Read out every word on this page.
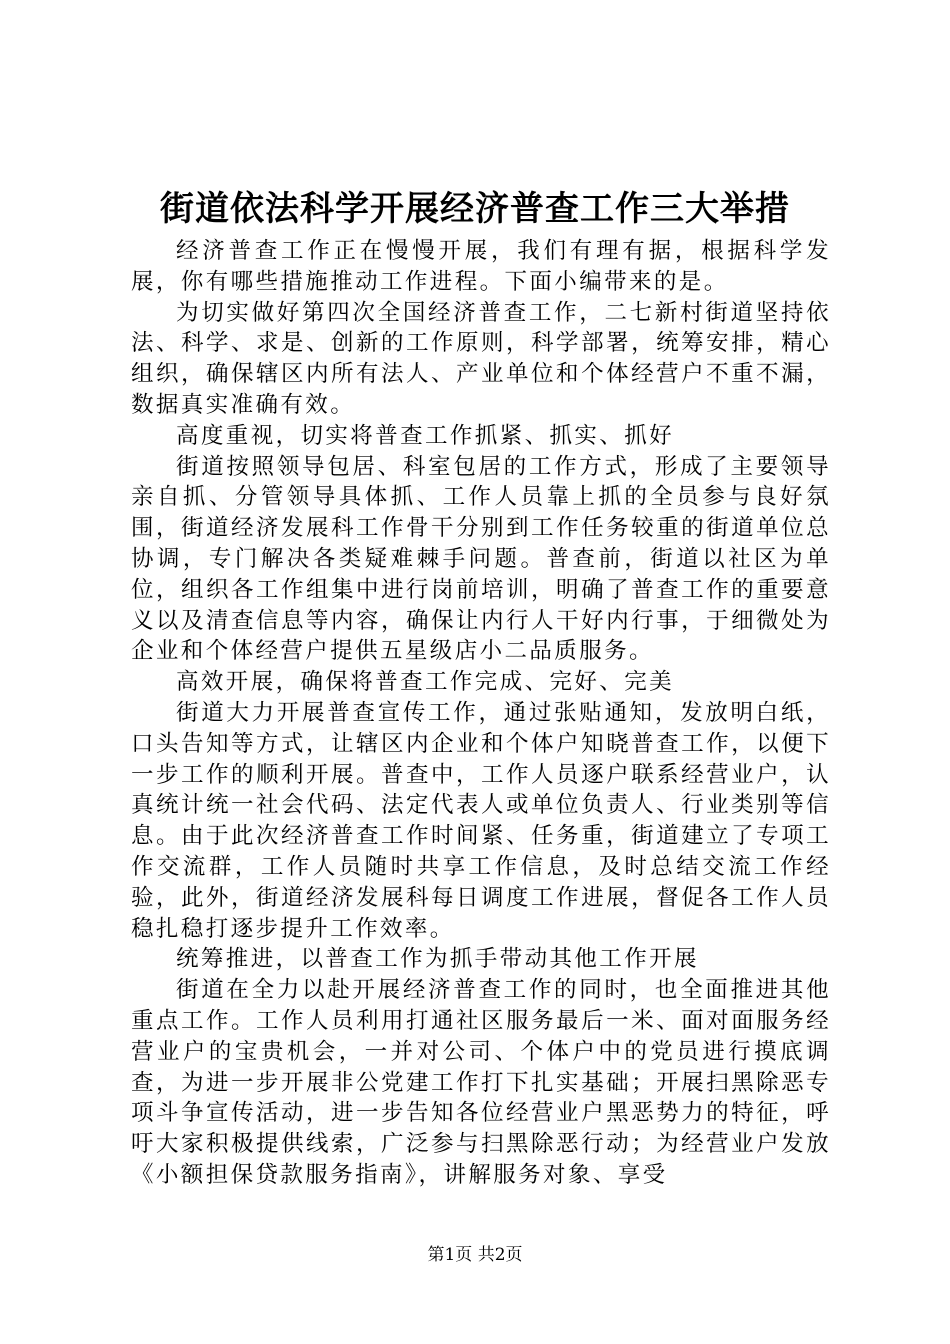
街道依法科学开展经济普查工作三大举措

经济普查工作正在慢慢开展，我们有理有据，根据科学发展，你有哪些措施推动工作进程。下面小编带来的是。

为切实做好第四次全国经济普查工作，二七新村街道坚持依法、科学、求是、创新的工作原则，科学部署，统筹安排，精心组织，确保辖区内所有法人、产业单位和个体经营户不重不漏，数据真实准确有效。

高度重视，切实将普查工作抓紧、抓实、抓好

街道按照领导包居、科室包居的工作方式，形成了主要领导亲自抓、分管领导具体抓、工作人员靠上抓的全员参与良好氛围，街道经济发展科工作骨干分别到工作任务较重的街道单位总协调，专门解决各类疑难棘手问题。普查前，街道以社区为单位，组织各工作组集中进行岗前培训，明确了普查工作的重要意义以及清查信息等内容，确保让内行人干好内行事，于细微处为企业和个体经营户提供五星级店小二品质服务。

高效开展，确保将普查工作完成、完好、完美

街道大力开展普查宣传工作，通过张贴通知，发放明白纸，口头告知等方式，让辖区内企业和个体户知晓普查工作，以便下一步工作的顺利开展。普查中，工作人员逐户联系经营业户，认真统计统一社会代码、法定代表人或单位负责人、行业类别等信息。由于此次经济普查工作时间紧、任务重，街道建立了专项工作交流群，工作人员随时共享工作信息，及时总结交流工作经验，此外，街道经济发展科每日调度工作进展，督促各工作人员稳扎稳打逐步提升工作效率。

统筹推进，以普查工作为抓手带动其他工作开展

街道在全力以赴开展经济普查工作的同时，也全面推进其他重点工作。工作人员利用打通社区服务最后一米、面对面服务经营业户的宝贵机会，一并对公司、个体户中的党员进行摸底调查，为进一步开展非公党建工作打下扎实基础；开展扫黑除恶专项斗争宣传活动，进一步告知各位经营业户黑恶势力的特征，呼吁大家积极提供线索，广泛参与扫黑除恶行动；为经营业户发放《小额担保贷款服务指南》，讲解服务对象、享受

第1页 共2页
